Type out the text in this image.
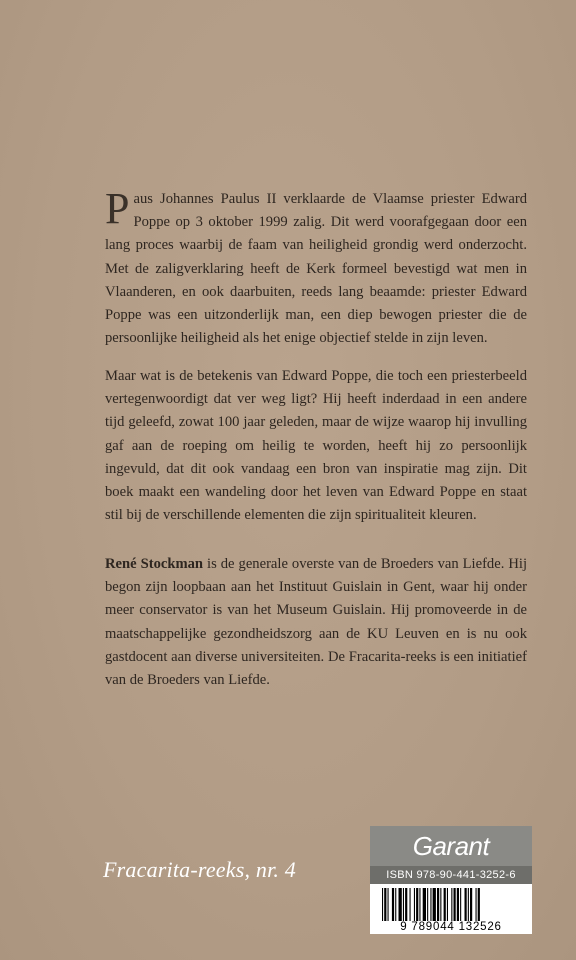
Paus Johannes Paulus II verklaarde de Vlaamse priester Edward Poppe op 3 oktober 1999 zalig. Dit werd voorafgegaan door een lang proces waarbij de faam van heiligheid grondig werd onderzocht. Met de zaligverklaring heeft de Kerk formeel bevestigd wat men in Vlaanderen, en ook daarbuiten, reeds lang beaamde: priester Edward Poppe was een uitzonderlijk man, een diep bewogen priester die de persoonlijke heiligheid als het enige objectief stelde in zijn leven.
Maar wat is de betekenis van Edward Poppe, die toch een priesterbeeld vertegenwoordigt dat ver weg ligt? Hij heeft inderdaad in een andere tijd geleefd, zowat 100 jaar geleden, maar de wijze waarop hij invulling gaf aan de roeping om heilig te worden, heeft hij zo persoonlijk ingevuld, dat dit ook vandaag een bron van inspiratie mag zijn. Dit boek maakt een wandeling door het leven van Edward Poppe en staat stil bij de verschillende elementen die zijn spiritualiteit kleuren.
René Stockman is de generale overste van de Broeders van Liefde. Hij begon zijn loopbaan aan het Instituut Guislain in Gent, waar hij onder meer conservator is van het Museum Guislain. Hij promoveerde in de maatschappelijke gezondheidszorg aan de KU Leuven en is nu ook gastdocent aan diverse universiteiten. De Fracarita-reeks is een initiatief van de Broeders van Liefde.
Fracarita-reeks, nr. 4
Garant
ISBN 978-90-441-3252-6
9 789044 132526
